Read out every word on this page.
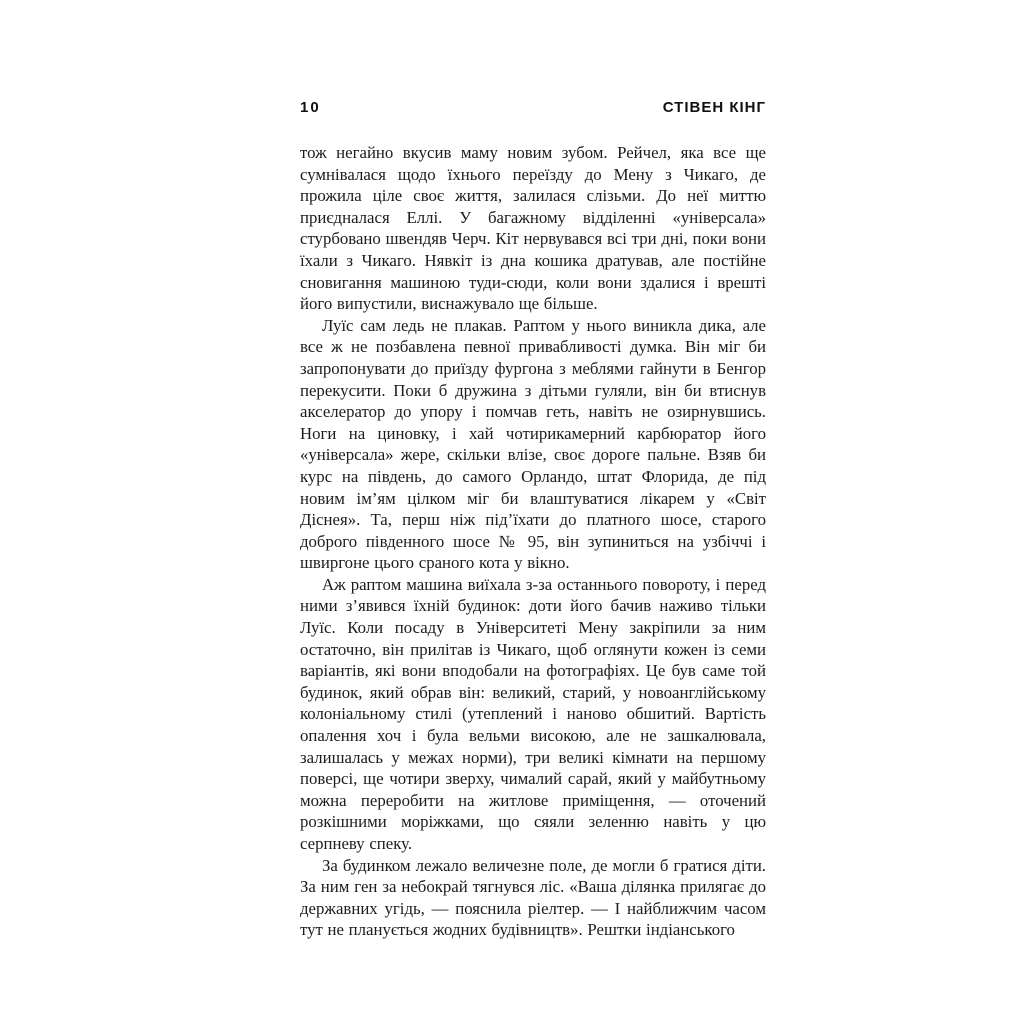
10	СТІВЕН КІНГ

тож негайно вкусив маму новим зубом. Рейчел, яка все ще сумнівалася щодо їхнього переїзду до Мену з Чикаго, де прожила ціле своє життя, залилася слізьми. До неї миттю приєдналася Еллі. У багажному відділенні «універсала» стурбовано швендяв Черч. Кіт нервувався всі три дні, поки вони їхали з Чикаго. Нявкіт із дна кошика дратував, але постійне сновигання машиною туди-сюди, коли вони здалися і врешті його випустили, виснажувало ще більше.

Луїс сам ледь не плакав. Раптом у нього виникла дика, але все ж не позбавлена певної привабливості думка. Він міг би запропонувати до приїзду фургона з меблями гайнути в Бенгор перекусити. Поки б дружина з дітьми гуляли, він би втиснув акселератор до упору і помчав геть, навіть не озирнувшись. Ноги на циновку, і хай чотирикамерний карбюратор його «універсала» жере, скільки влізе, своє дороге пальне. Взяв би курс на південь, до самого Орландо, штат Флорида, де під новим ім’ям цілком міг би влаштуватися лікарем у «Світ Діснея». Та, перш ніж під’їхати до платного шосе, старого доброго південного шосе № 95, він зупиниться на узбіччі і швиргоне цього сраного кота у вікно.

Аж раптом машина виїхала з-за останнього повороту, і перед ними з’явився їхній будинок: доти його бачив наживо тільки Луїс. Коли посаду в Університеті Мену закріпили за ним остаточно, він прилітав із Чикаго, щоб оглянути кожен із семи варіантів, які вони вподобали на фотографіях. Це був саме той будинок, який обрав він: великий, старий, у новоанглійському колоніальному стилі (утеплений і наново обшитий. Вартість опалення хоч і була вельми високою, але не зашкалювала, залишалась у межах норми), три великі кімнати на першому поверсі, ще чотири зверху, чималий сарай, який у майбутньому можна переробити на житлове приміщення, — оточений розкішними моріжками, що сяяли зеленню навіть у цю серпневу спеку.

За будинком лежало величезне поле, де могли б гратися діти. За ним ген за небокрай тягнувся ліс. «Ваша ділянка прилягає до державних угідь, — пояснила ріелтер. — І найближчим часом тут не планується жодних будівництв». Рештки індіанського
